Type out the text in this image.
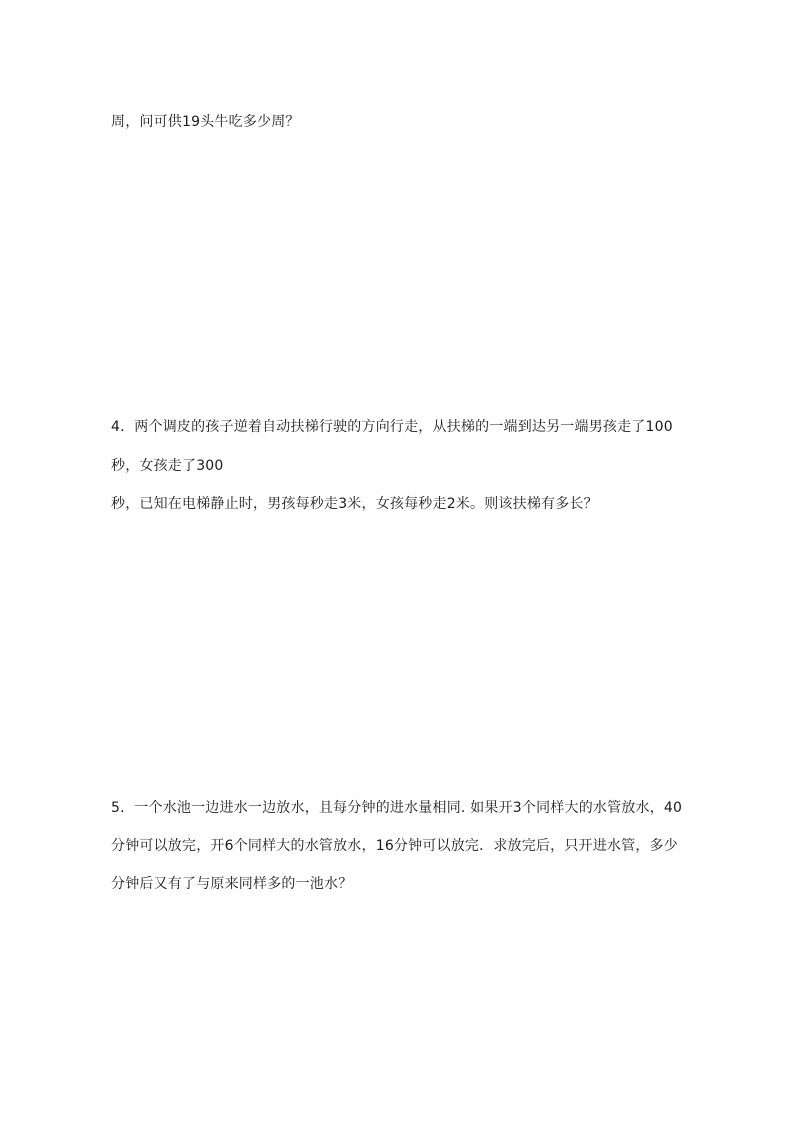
周，问可供19头牛吃多少周？
4．两个调皮的孩子逆着自动扶梯行驶的方向行走，从扶梯的一端到达另一端男孩走了100
秒，女孩走了300
秒，已知在电梯静止时，男孩每秒走3米，女孩每秒走2米。则该扶梯有多长？
5．一个水池一边进水一边放水，且每分钟的进水量相同. 如果开3个同样大的水管放水，40
分钟可以放完，开6个同样大的水管放水，16分钟可以放完．求放完后，只开进水管，多少
分钟后又有了与原来同样多的一池水？
